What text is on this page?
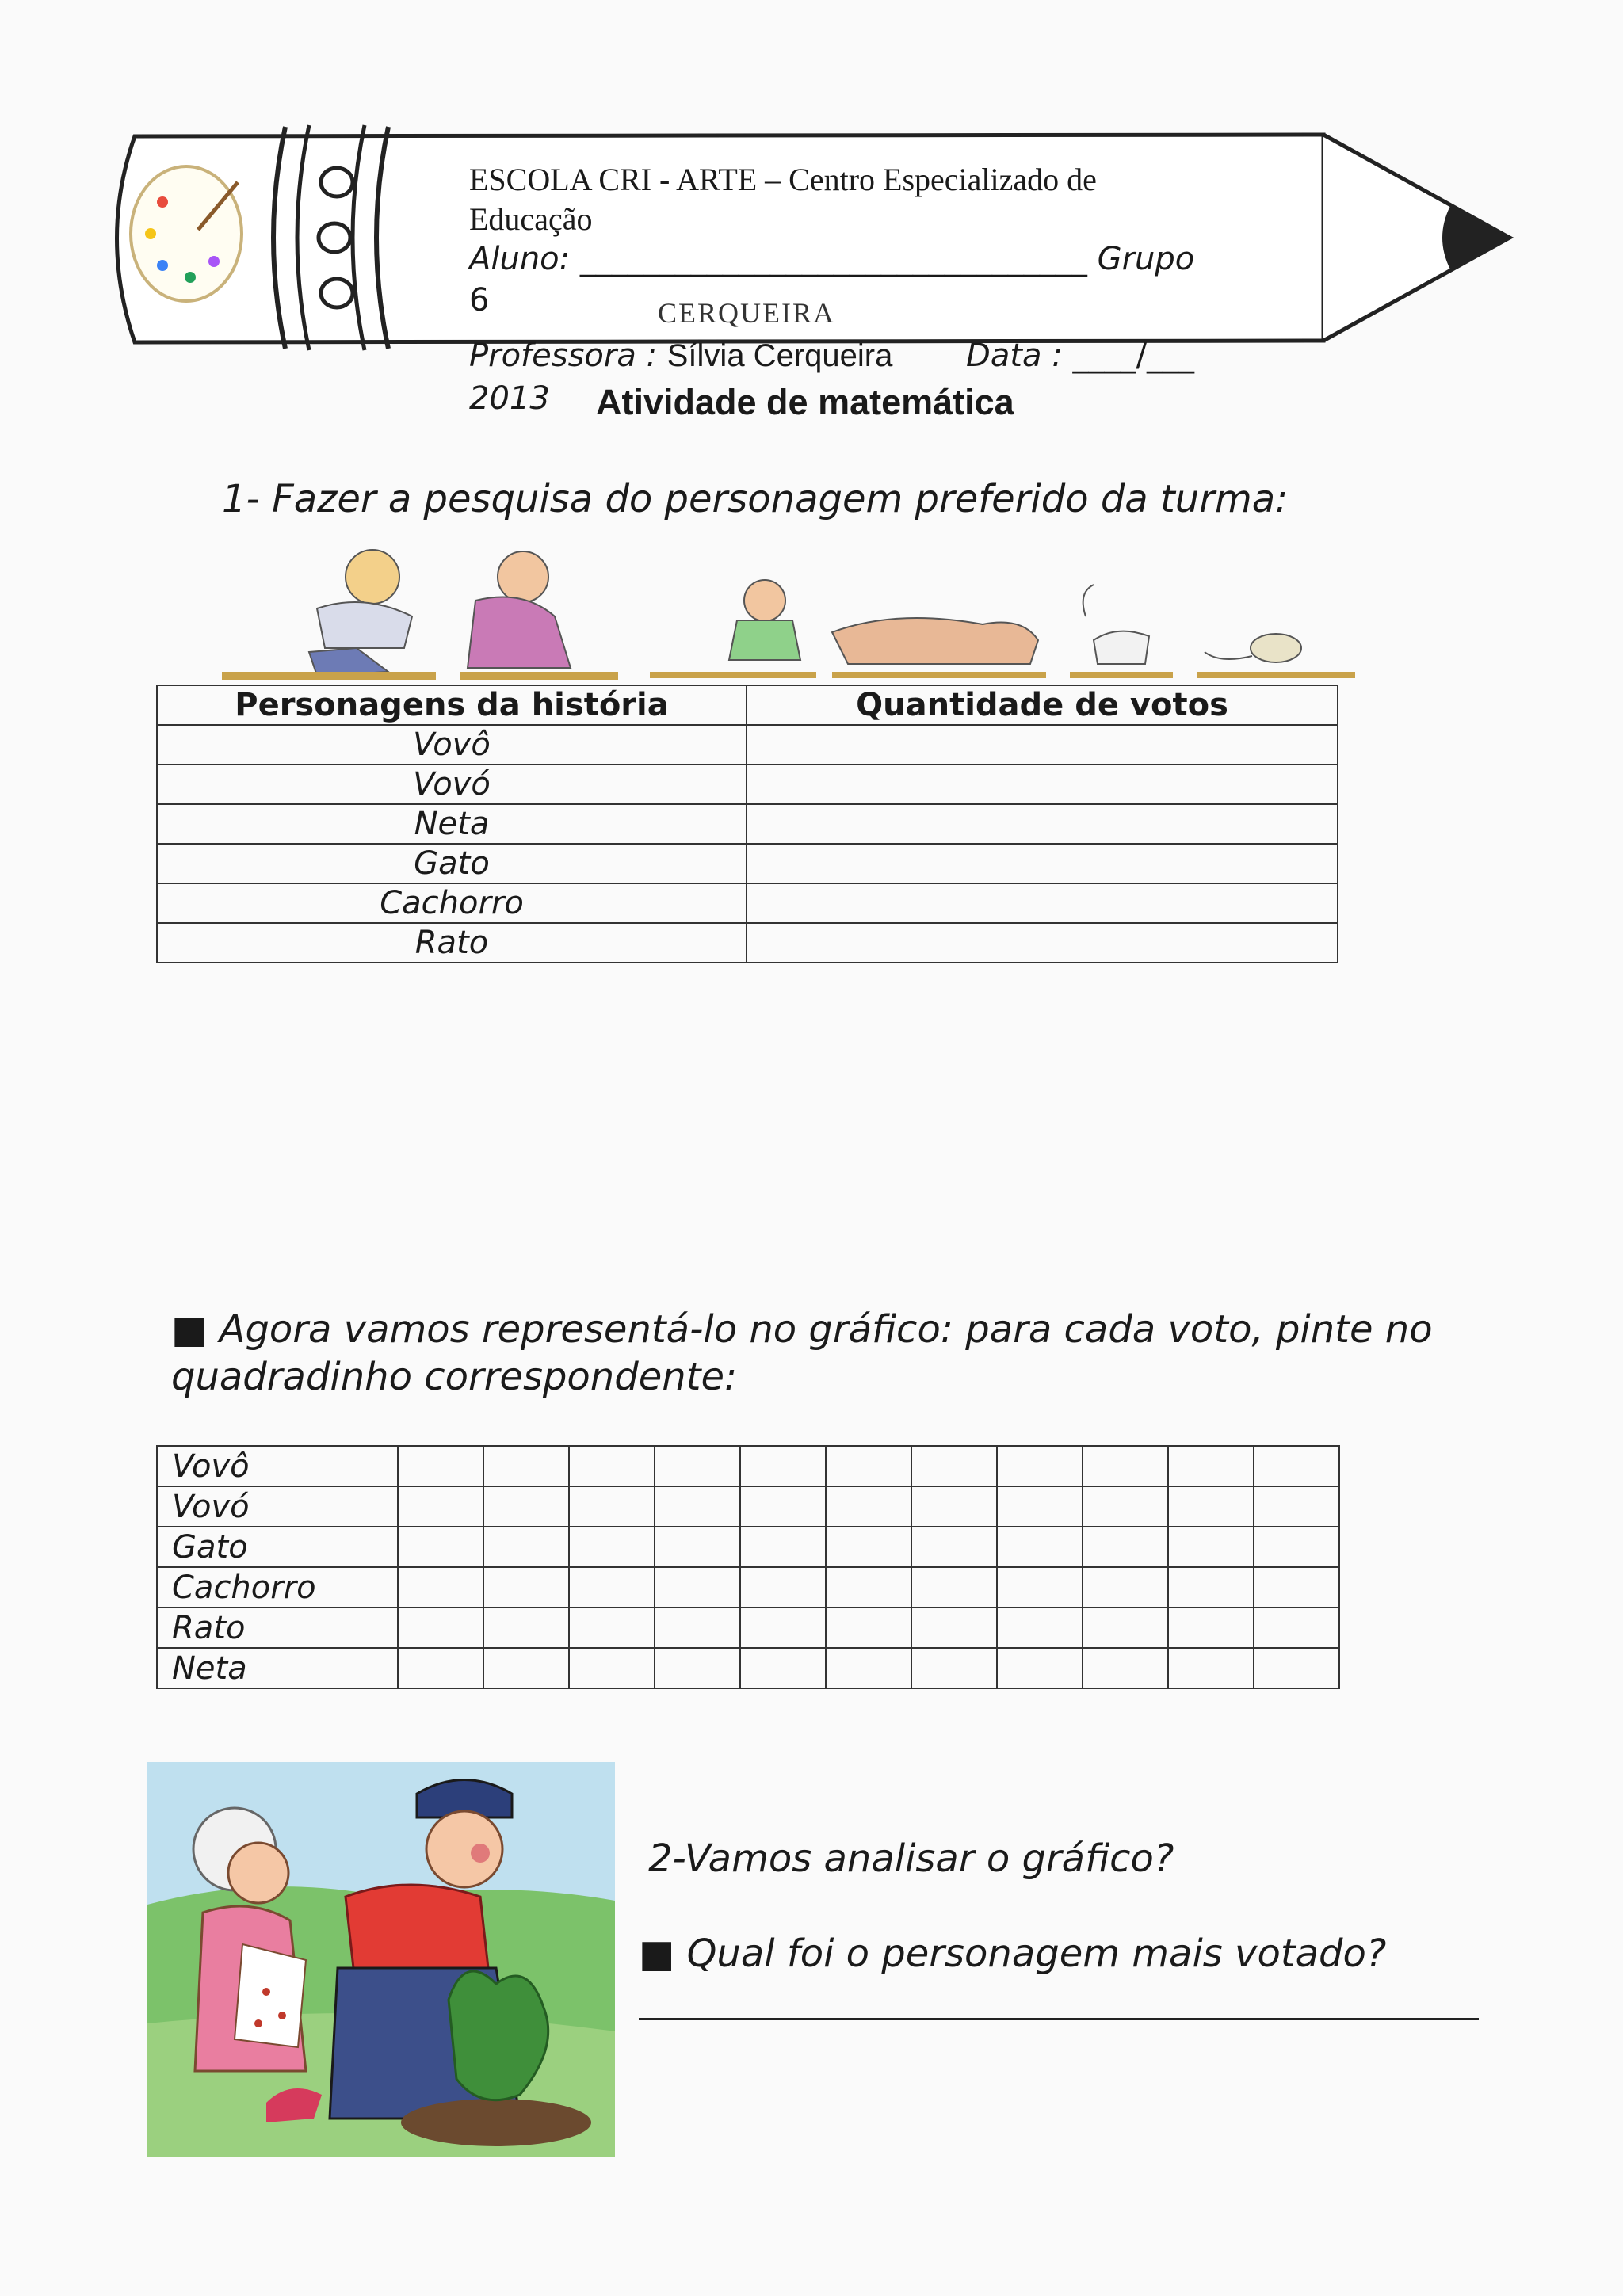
ESCOLA CRI - ARTE – Centro Especializado de
Educação
Aluno: ________________________________ Grupo
6
Professora : Sílvia Cerqueira Data : ____/___
2013 Atividade de matemática
1- Fazer a pesquisa do personagem preferido da turma:
Personagens da história	Quantidade de votos
Vovô	
Vovó	
Neta	
Gato	
Cachorro	
Rato	
■ Agora vamos representá-lo no gráfico: para cada voto, pinte no
quadradinho correspondente:
Vovô											
Vovó											
Gato											
Cachorro											
Rato											
Neta											
2-Vamos analisar o gráfico?
■ Qual foi o personagem mais votado?
